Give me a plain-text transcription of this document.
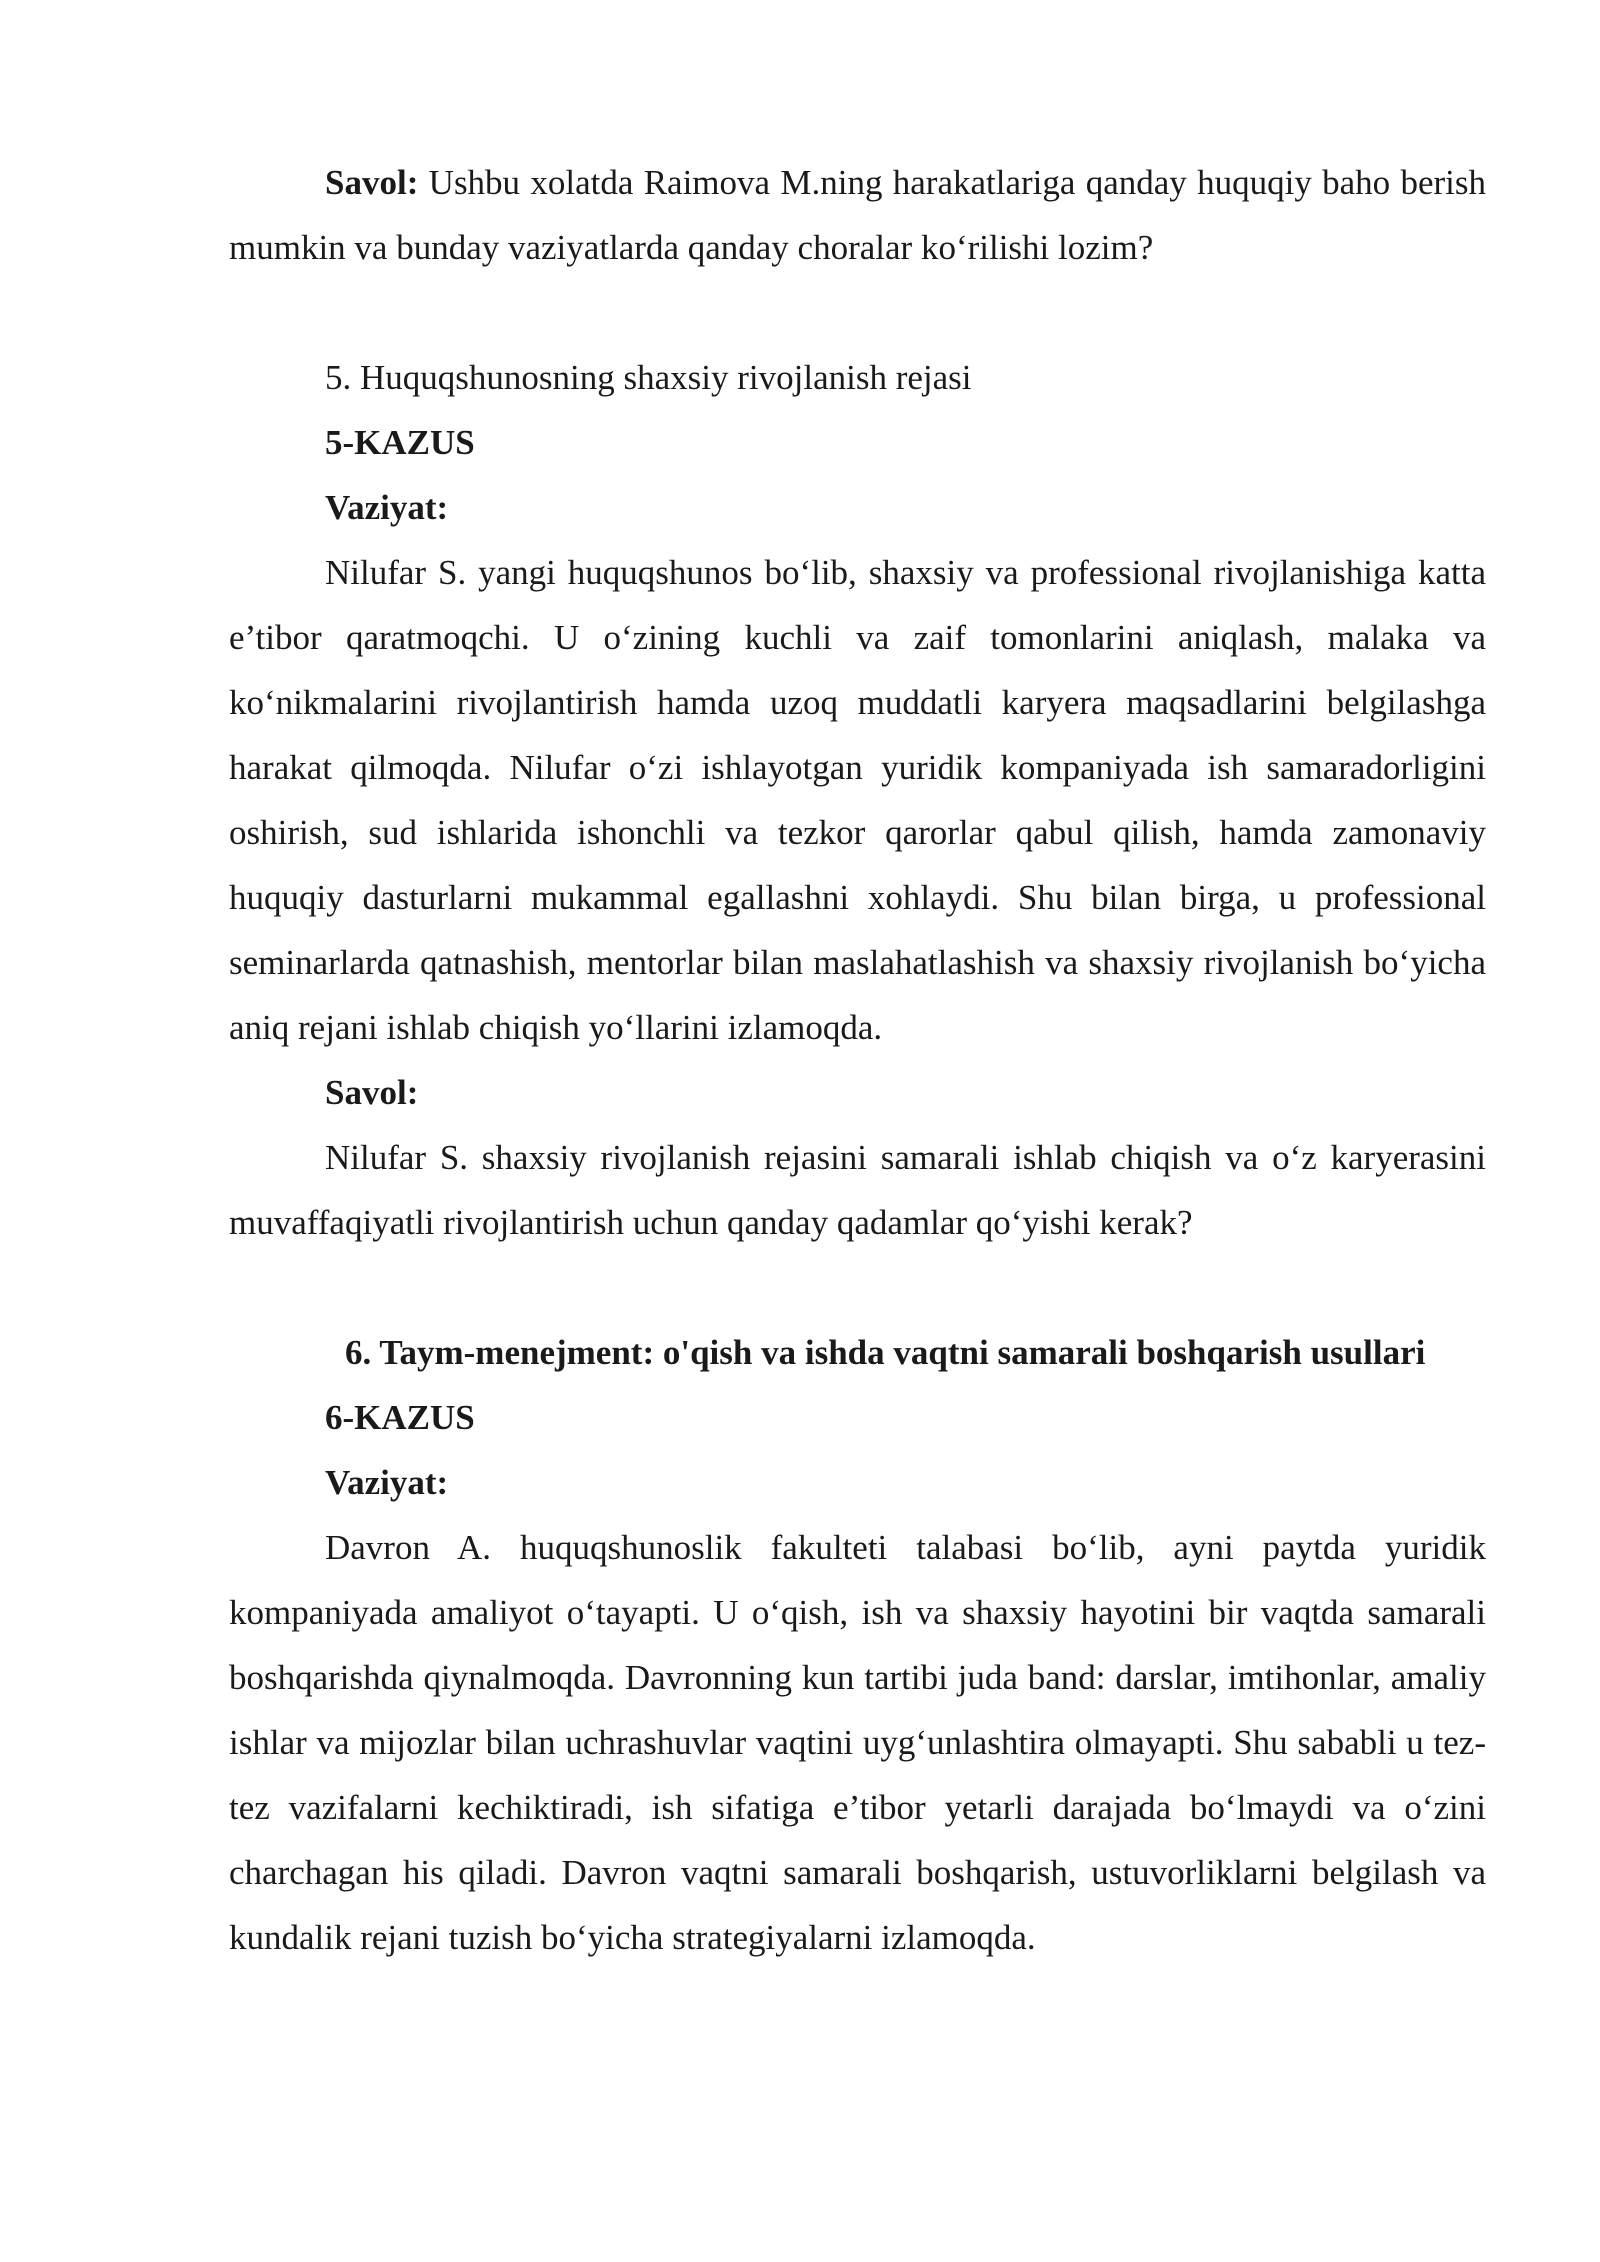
Savol: Ushbu xolatda Raimova M.ning harakatlariga qanday huquqiy baho berish mumkin va bunday vaziyatlarda qanday choralar ko‘rilishi lozim?

5. Huquqshunosning shaxsiy rivojlanish rejasi

5-KAZUS

Vaziyat:

Nilufar S. yangi huquqshunos bo‘lib, shaxsiy va professional rivojlanishiga katta e’tibor qaratmoqchi. U o‘zining kuchli va zaif tomonlarini aniqlash, malaka va ko‘nikmalarini rivojlantirish hamda uzoq muddatli karyera maqsadlarini belgilashga harakat qilmoqda. Nilufar o‘zi ishlayotgan yuridik kompaniyada ish samaradorligini oshirish, sud ishlarida ishonchli va tezkor qarorlar qabul qilish, hamda zamonaviy huquqiy dasturlarni mukammal egallashni xohlaydi. Shu bilan birga, u professional seminarlarda qatnashish, mentorlar bilan maslahatlashish va shaxsiy rivojlanish bo‘yicha aniq rejani ishlab chiqish yo‘llarini izlamoqda.

Savol:

Nilufar S. shaxsiy rivojlanish rejasini samarali ishlab chiqish va o‘z karyerasini muvaffaqiyatli rivojlantirish uchun qanday qadamlar qo‘yishi kerak?

6. Taym-menejment: o'qish va ishda vaqtni samarali boshqarish usullari

6-KAZUS

Vaziyat:

Davron A. huquqshunoslik fakulteti talabasi bo‘lib, ayni paytda yuridik kompaniyada amaliyot o‘tayapti. U o‘qish, ish va shaxsiy hayotini bir vaqtda samarali boshqarishda qiynalmoqda. Davronning kun tartibi juda band: darslar, imtihonlar, amaliy ishlar va mijozlar bilan uchrashuvlar vaqtini uyg‘unlashtira olmayapti. Shu sababli u tez-tez vazifalarni kechiktiradi, ish sifatiga e’tibor yetarli darajada bo‘lmaydi va o‘zini charchagan his qiladi. Davron vaqtni samarali boshqarish, ustuvorliklarni belgilash va kundalik rejani tuzish bo‘yicha strategiyalarni izlamoqda.
